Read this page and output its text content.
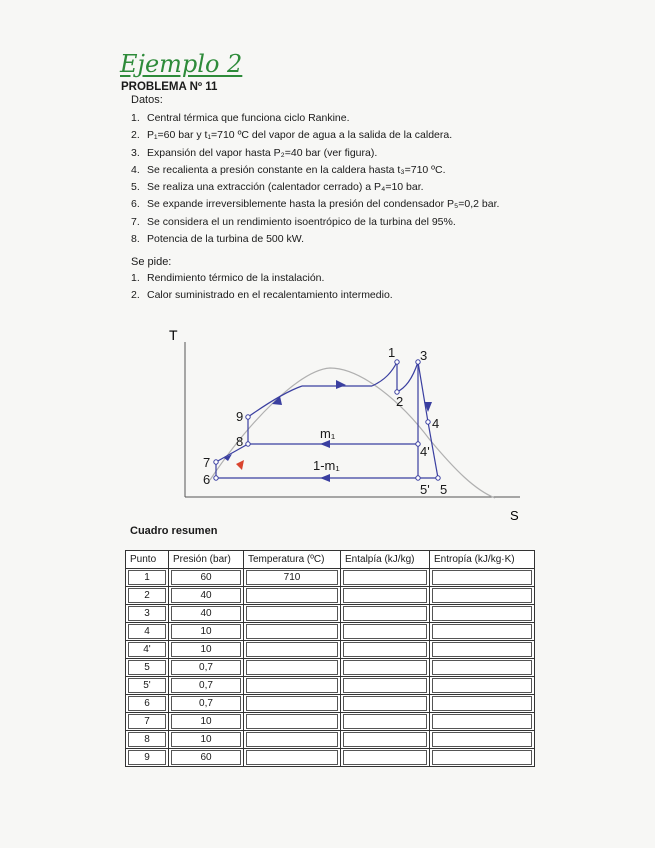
Ejemplo 2
PROBLEMA Nº 11
Datos:
1. Central térmica que funciona ciclo Rankine.
2. P₁=60 bar y t₁=710 ºC del vapor de agua a la salida de la caldera.
3. Expansión del vapor hasta P₂=40 bar (ver figura).
4. Se recalienta a presión constante en la caldera hasta t₃=710 ºC.
5. Se realiza una extracción (calentador cerrado) a P₄=10 bar.
6. Se expande irreversiblemente hasta la presión del condensador P₅=0,2 bar.
7. Se considera el un rendimiento isoentrópico de la turbina del 95%.
8. Potencia de la turbina de 500 kW.
Se pide:
1. Rendimiento térmico de la instalación.
2. Calor suministrado en el recalentamiento intermedio.
T
S
1
2
3
4
4'
5
5'
6
7
8
9
m₁
1-m₁
Cuadro resumen
Punto	Presión (bar)	Temperatura (ºC)	Entalpía (kJ/kg)	Entropía (kJ/kg·K)

1	60	710		

2	40			

3	40			

4	10			

4'	10			

5	0,7			

5'	0,7			

6	0,7			

7	10			

8	10			

9	60			
